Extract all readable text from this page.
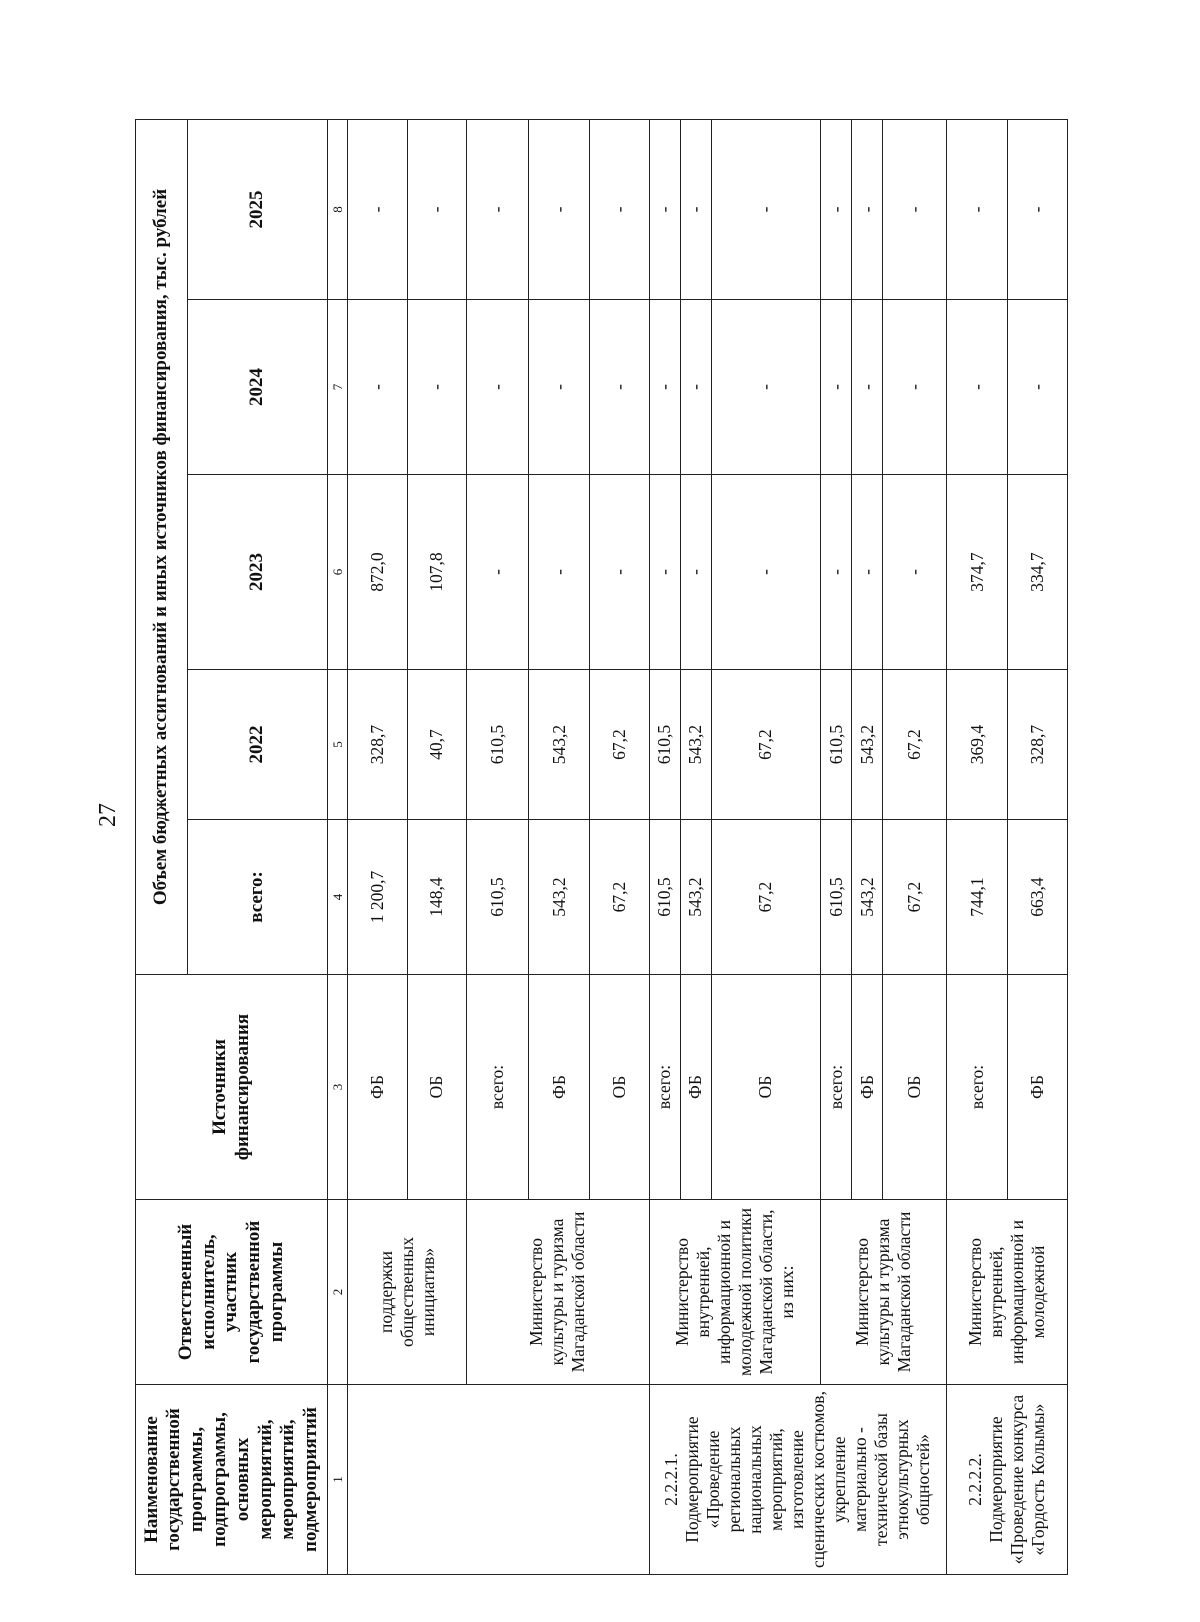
27
Наименование государственной программы, подпрограммы, основных мероприятий, мероприятий, подмероприятий	Ответственный исполнитель, участник государственной программы	Источники финансирования	Объем бюджетных ассигнований и иных источников финансирования, тыс. рублей				
			всего:	2022	2023	2024	2025
1	2	3	4	5	6	7	8
	поддержки общественных инициатив»	ФБ	1 200,7	328,7	872,0	-	-
		ОБ	148,4	40,7	107,8	-	-
	Министерство культуры и туризма Магаданской области	всего:	610,5	610,5	-	-	-
		ФБ	543,2	543,2	-	-	-
		ОБ	67,2	67,2	-	-	-
2.2.2.1. Подмероприятие «Проведение региональных национальных мероприятий, изготовление сценических костюмов, укрепление материально - технической базы этнокультурных общностей»	Министерство внутренней, информационной и молодежной политики Магаданской области, из них:	всего:	610,5	610,5	-	-	-
		ФБ	543,2	543,2	-	-	-
		ОБ	67,2	67,2	-	-	-
	Министерство культуры и туризма Магаданской области	всего:	610,5	610,5	-	-	-
		ФБ	543,2	543,2	-	-	-
		ОБ	67,2	67,2	-	-	-
2.2.2.2. Подмероприятие «Проведение конкурса «Гордость Колымы»	Министерство внутренней, информационной и молодежной	всего:	744,1	369,4	374,7	-	-
		ФБ	663,4	328,7	334,7	-	-
